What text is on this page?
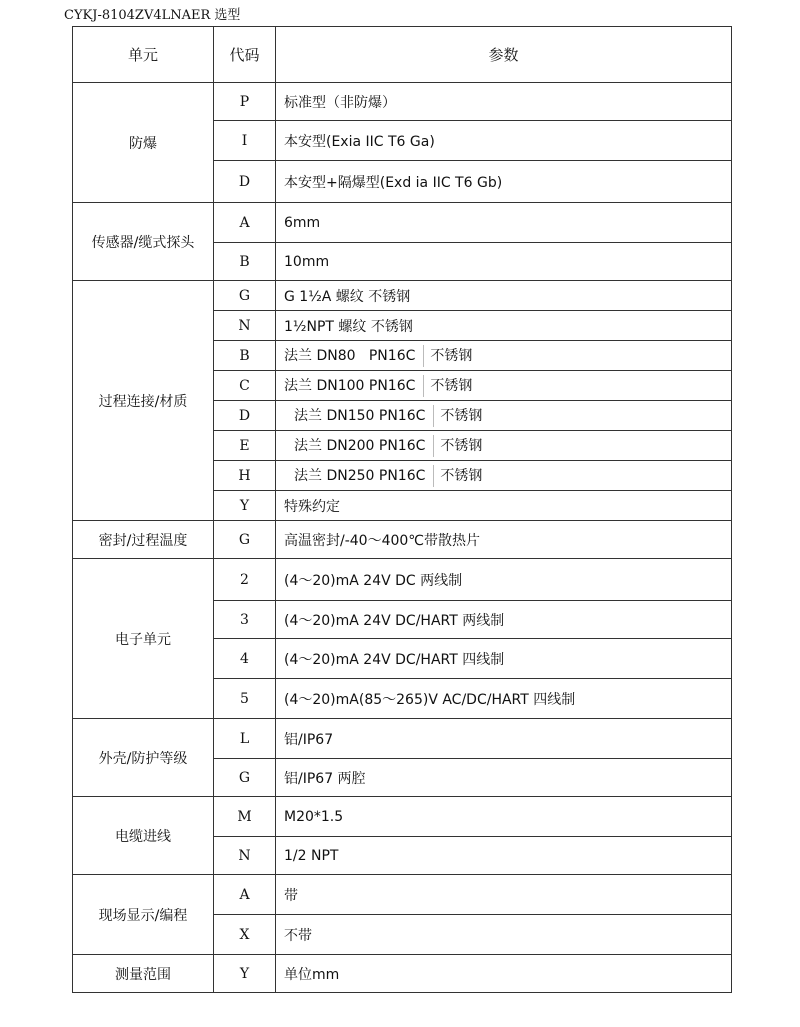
CYKJ-8104ZV4LNAER 选型
单元	代码	参数
防爆	P	标准型（非防爆）
	I	本安型(Exia IIC T6 Ga)
	D	本安型+隔爆型(Exd ia IIC T6 Gb)
传感器/缆式探头	A	6mm
	B	10mm
过程连接/材质	G	G 1½A 螺纹 不锈钢
	N	1½NPT 螺纹 不锈钢
	B	法兰 DN80   PN16C 不锈钢
	C	法兰 DN100 PN16C 不锈钢
	D	法兰 DN150 PN16C 不锈钢
	E	法兰 DN200 PN16C 不锈钢
	H	法兰 DN250 PN16C 不锈钢
	Y	特殊约定
密封/过程温度	G	高温密封/-40～400℃带散热片
电子单元	2	(4～20)mA 24V DC 两线制
	3	(4～20)mA 24V DC/HART 两线制
	4	(4～20)mA 24V DC/HART 四线制
	5	(4～20)mA(85～265)V AC/DC/HART 四线制
外壳/防护等级	L	铝/IP67
	G	铝/IP67 两腔
电缆进线	M	M20*1.5
	N	1/2 NPT
现场显示/编程	A	带
	X	不带
测量范围	Y	单位mm
